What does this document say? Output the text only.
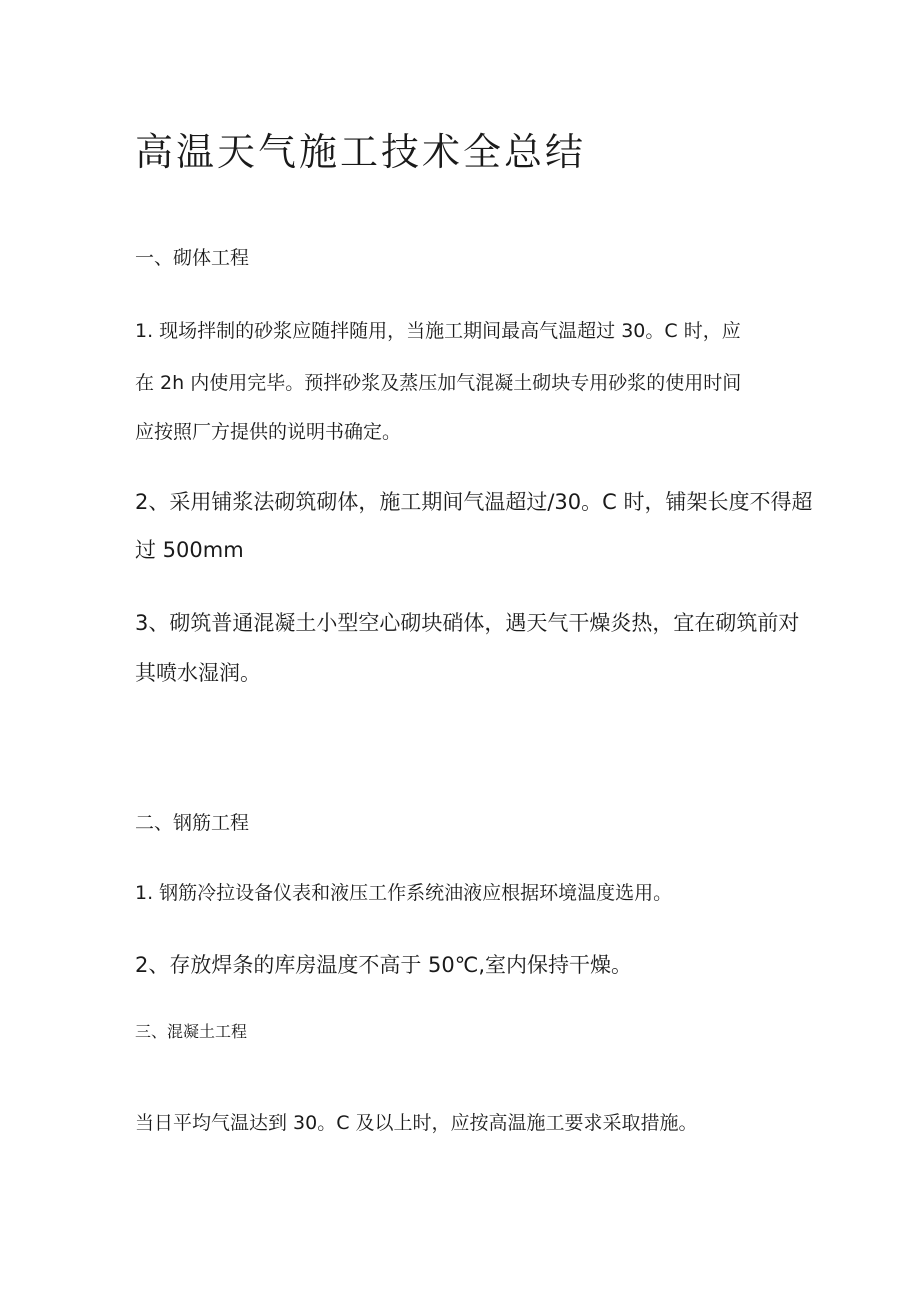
高温天气施工技术全总结
一、砌体工程
1. 现场拌制的砂浆应随拌随用，当施工期间最高气温超过 30。C 时，应
在 2h 内使用完毕。预拌砂浆及蒸压加气混凝土砌块专用砂浆的使用时间
应按照厂方提供的说明书确定。
2、采用铺浆法砌筑砌体，施工期间气温超过/30。C 时，铺架长度不得超
过 500mm
3、砌筑普通混凝土小型空心砌块硝体，遇天气干燥炎热，宜在砌筑前对
其喷水湿润。
二、钢筋工程
1. 钢筋冷拉设备仪表和液压工作系统油液应根据环境温度选用。
2、存放焊条的库房温度不高于 50℃,室内保持干燥。
三、混凝土工程
当日平均气温达到 30。C 及以上时，应按高温施工要求采取措施。
